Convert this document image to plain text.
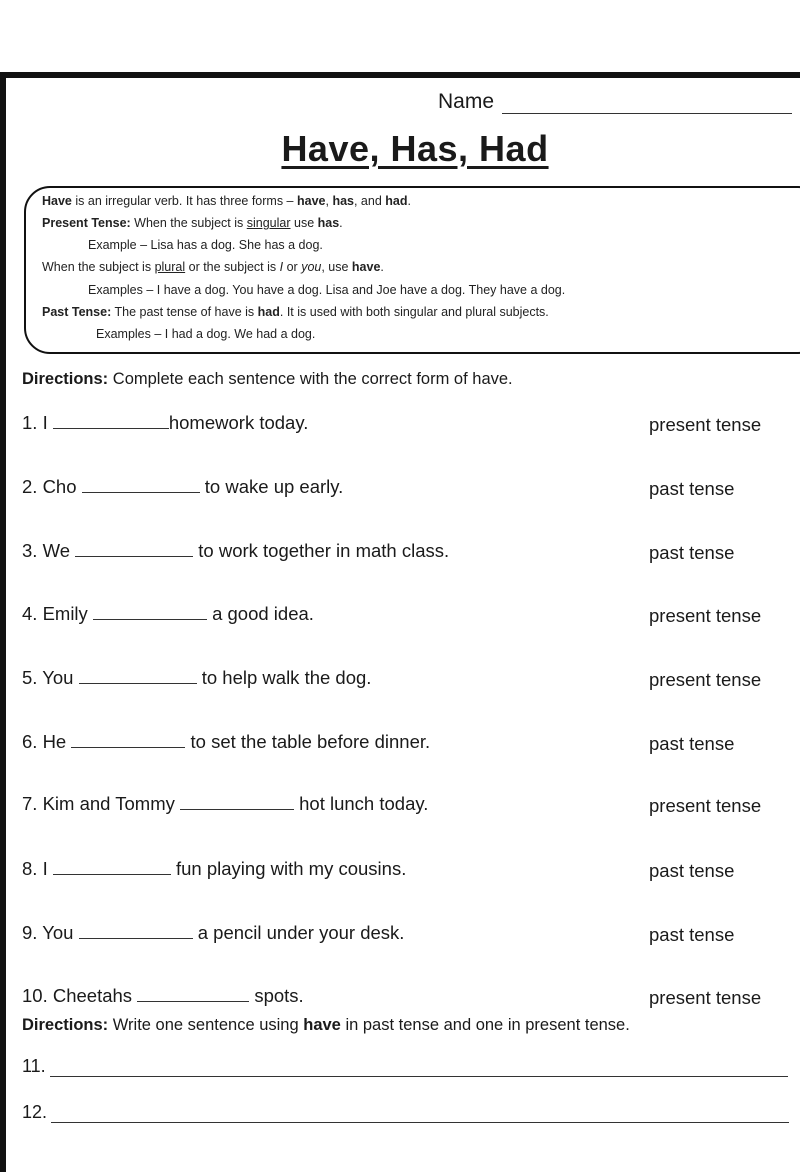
Name
Have, Has, Had
Have is an irregular verb. It has three forms – have, has, and had.
Present Tense: When the subject is singular use has.
Example – Lisa has a dog. She has a dog.
When the subject is plural or the subject is I or you, use have.
Examples – I have a dog. You have a dog. Lisa and Joe have a dog. They have a dog.
Past Tense: The past tense of have is had. It is used with both singular and plural subjects.
Examples – I had a dog. We had a dog.
Directions: Complete each sentence with the correct form of have.
1. I	homework today.	present tense
2. Cho	to wake up early.	past tense
3. We	to work together in math class.	past tense
4. Emily	a good idea.	present tense
5. You	to help walk the dog.	present tense
6. He	to set the table before dinner.	past tense
7. Kim and Tommy	hot lunch today.	present tense
8. I	fun playing with my cousins.	past tense
9. You	a pencil under your desk.	past tense
10. Cheetahs	spots.	present tense
Directions: Write one sentence using have in past tense and one in present tense.
11.
12.
